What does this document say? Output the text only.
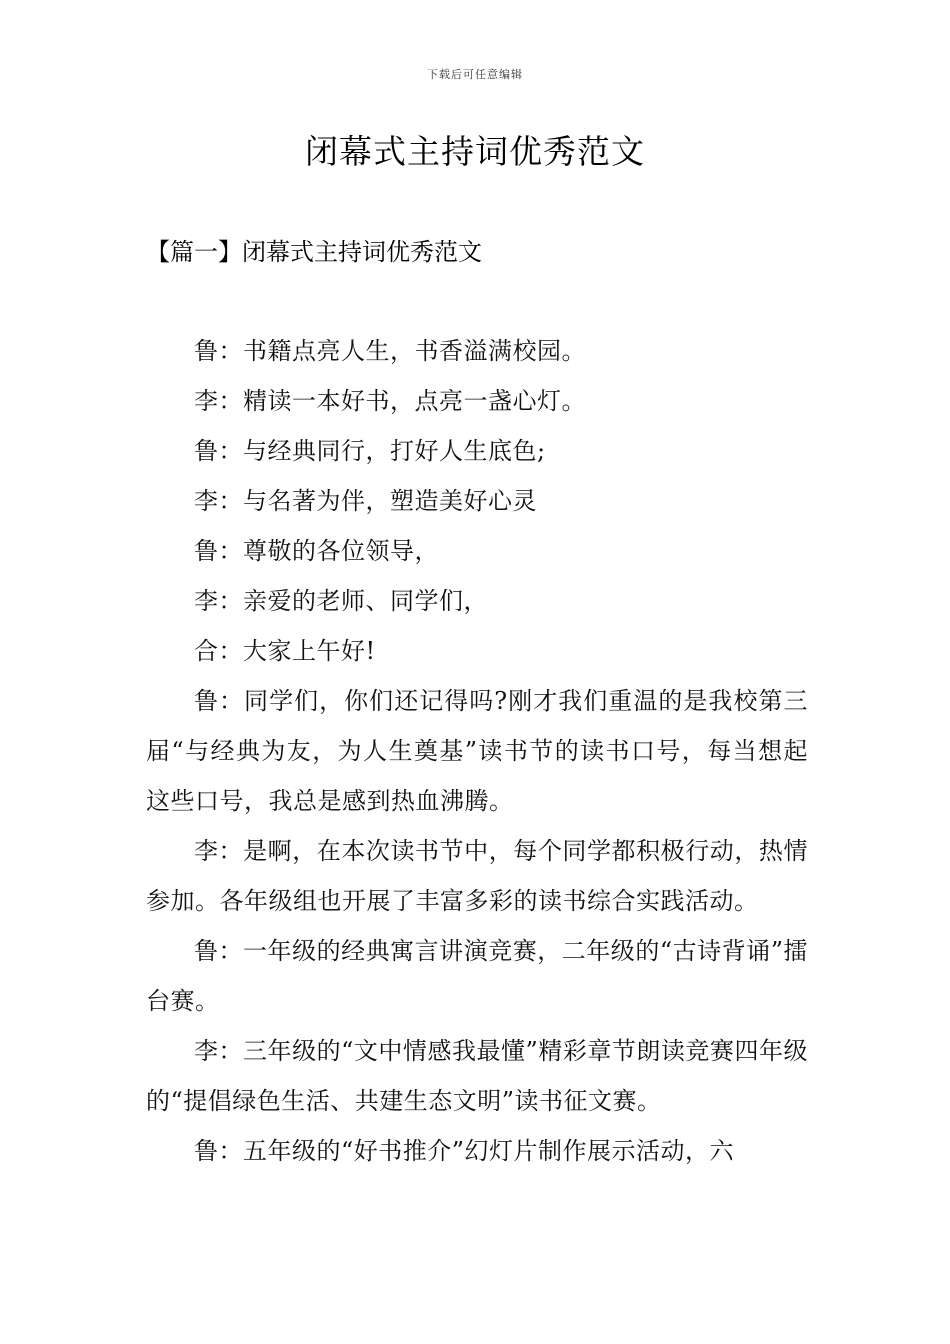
下载后可任意编辑
闭幕式主持词优秀范文
【篇一】闭幕式主持词优秀范文

鲁：书籍点亮人生，书香溢满校园。

李：精读一本好书，点亮一盏心灯。

鲁：与经典同行，打好人生底色;

李：与名著为伴，塑造美好心灵

鲁：尊敬的各位领导，

李：亲爱的老师、同学们，

合：大家上午好!

鲁：同学们，你们还记得吗?刚才我们重温的是我校第三届“与经典为友，为人生奠基”读书节的读书口号，每当想起这些口号，我总是感到热血沸腾。

李：是啊，在本次读书节中，每个同学都积极行动，热情参加。各年级组也开展了丰富多彩的读书综合实践活动。

鲁：一年级的经典寓言讲演竞赛，二年级的“古诗背诵”擂台赛。

李：三年级的“文中情感我最懂”精彩章节朗读竞赛四年级的“提倡绿色生活、共建生态文明”读书征文赛。

鲁：五年级的“好书推介”幻灯片制作展示活动，六
